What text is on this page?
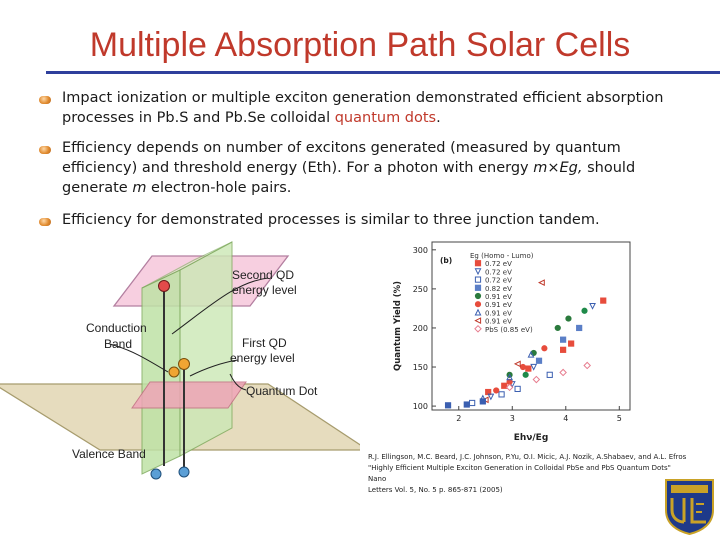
Multiple Absorption Path Solar Cells
Impact ionization or multiple exciton generation demonstrated efficient absorption processes in Pb.S and Pb.Se colloidal quantum dots.
Efficiency depends on number of excitons generated (measured by quantum efficiency) and threshold energy (Eth). For a photon with energy m×Eg, should generate m electron-hole pairs.
Efficiency for demonstrated processes is similar to three junction tandem.
Second QD
energy level
Conduction
Band	First QD
energy level
Quantum Dot
Valence Band
(b)
100
150
200
250
300
2	3	4	5
Quantum Yield (%)
Ehν/Eg
Eg (Homo - Lumo)
0.72 eV
0.72 eV
0.72 eV
0.82 eV
0.91 eV
0.91 eV
0.91 eV
0.91 eV
PbS (0.85 eV)
R.J. Ellingson, M.C. Beard, J.C. Johnson, P.Yu, O.I. Micic, A.J. Nozik, A.Shabaev, and A.L. Efros
"Highly Efficient Multiple Exciton Generation in Colloidal PbSe and PbS Quantum Dots" Nano
Letters Vol. 5, No. 5 p. 865-871 (2005)
